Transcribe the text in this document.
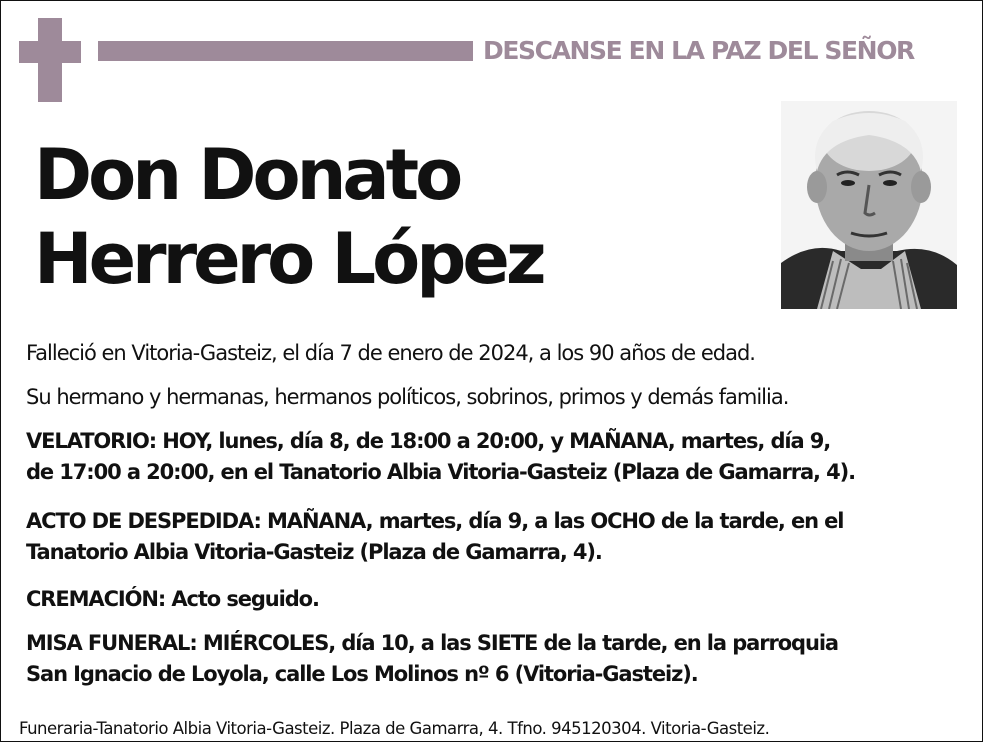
DESCANSE EN LA PAZ DEL SEÑOR
Don Donato
Herrero López
Falleció en Vitoria-Gasteiz, el día 7 de enero de 2024, a los 90 años de edad.
Su hermano y hermanas, hermanos políticos, sobrinos, primos y demás familia.
VELATORIO: HOY, lunes, día 8, de 18:00 a 20:00, y MAÑANA, martes, día 9,
de 17:00 a 20:00, en el Tanatorio Albia Vitoria-Gasteiz (Plaza de Gamarra, 4).
ACTO DE DESPEDIDA: MAÑANA, martes, día 9, a las OCHO de la tarde, en el
Tanatorio Albia Vitoria-Gasteiz (Plaza de Gamarra, 4).
CREMACIÓN: Acto seguido.
MISA FUNERAL: MIÉRCOLES, día 10, a las SIETE de la tarde, en la parroquia
San Ignacio de Loyola, calle Los Molinos nº 6 (Vitoria-Gasteiz).
Funeraria-Tanatorio Albia Vitoria-Gasteiz. Plaza de Gamarra, 4. Tfno. 945120304. Vitoria-Gasteiz.
